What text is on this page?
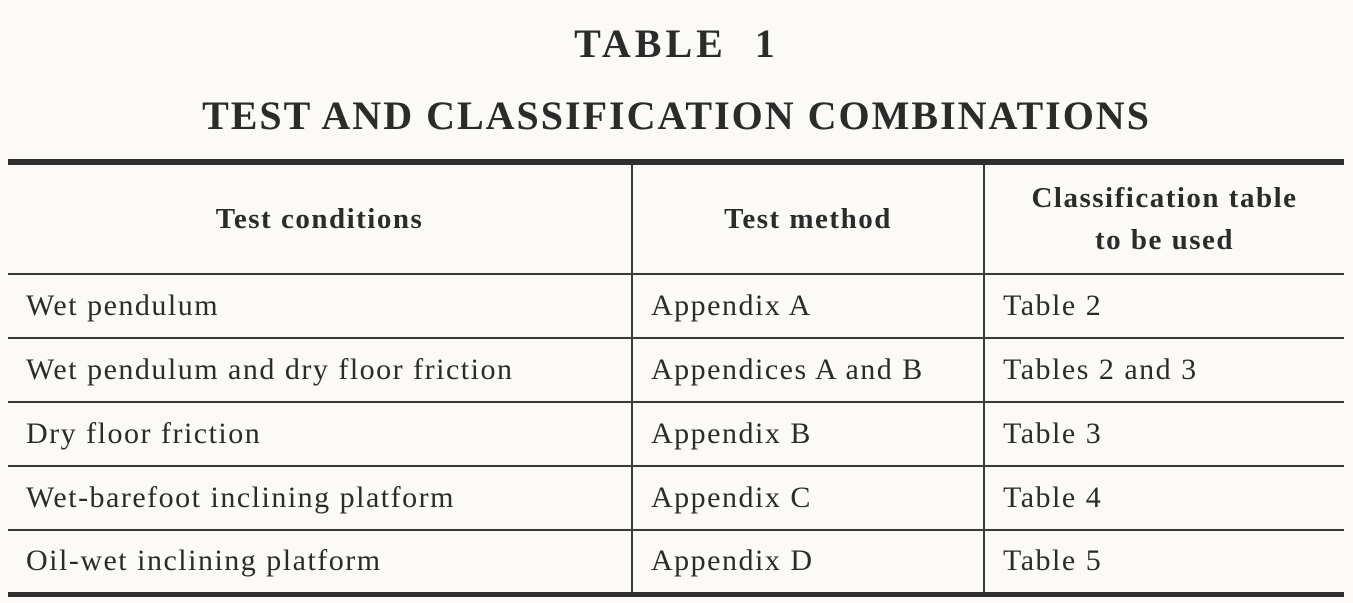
TABLE 1
TEST AND CLASSIFICATION COMBINATIONS
Test conditions	Test method	Classification table
to be used
Wet pendulum	Appendix A	Table 2
Wet pendulum and dry floor friction	Appendices A and B	Tables 2 and 3
Dry floor friction	Appendix B	Table 3
Wet-barefoot inclining platform	Appendix C	Table 4
Oil-wet inclining platform	Appendix D	Table 5
